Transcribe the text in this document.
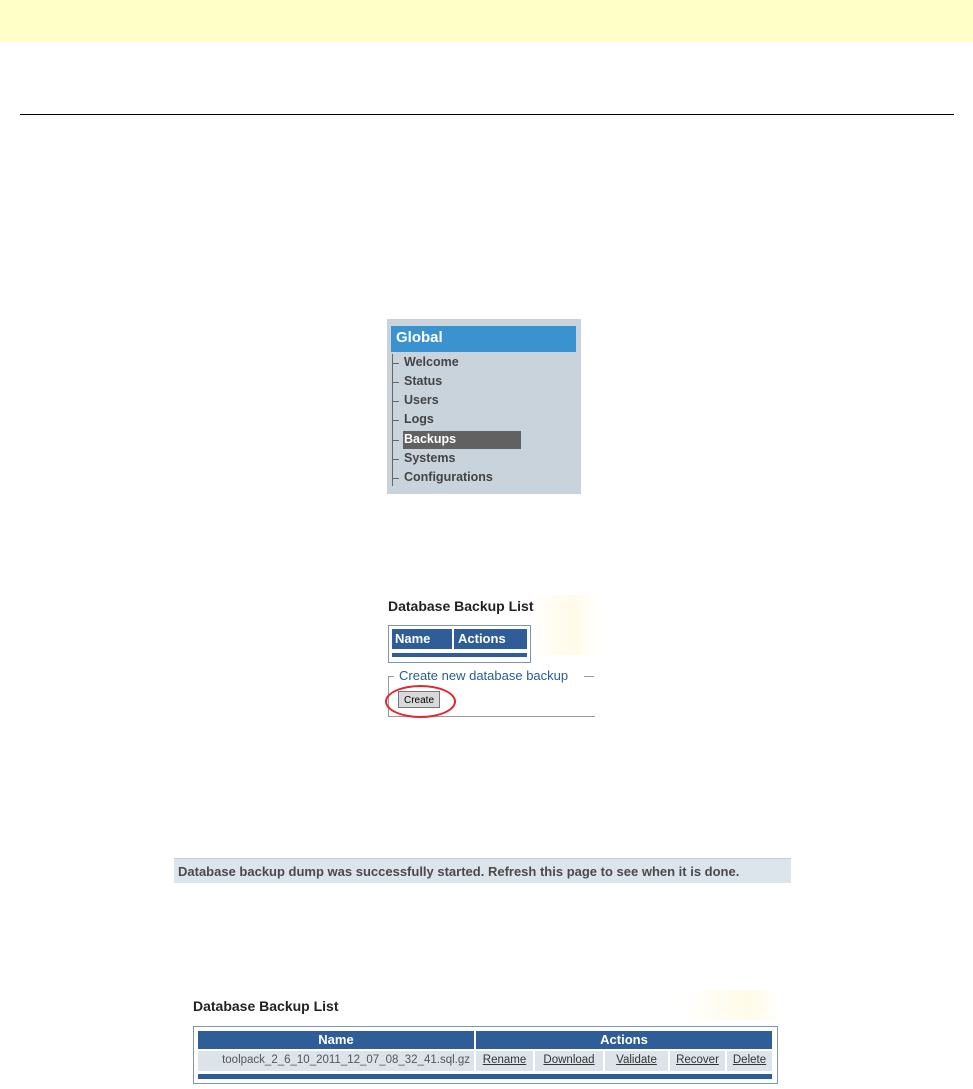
Global
Welcome
Status
Users
Logs
Backups
Systems
Configurations
Database Backup List
Name Actions
Create new database backup
Create
Database backup dump was successfully started. Refresh this page to see when it is done.
Database Backup List
Name	Actions
toolpack_2_6_10_2011_12_07_08_32_41.sql.gz	Rename	Download	Validate	Recover	Delete
